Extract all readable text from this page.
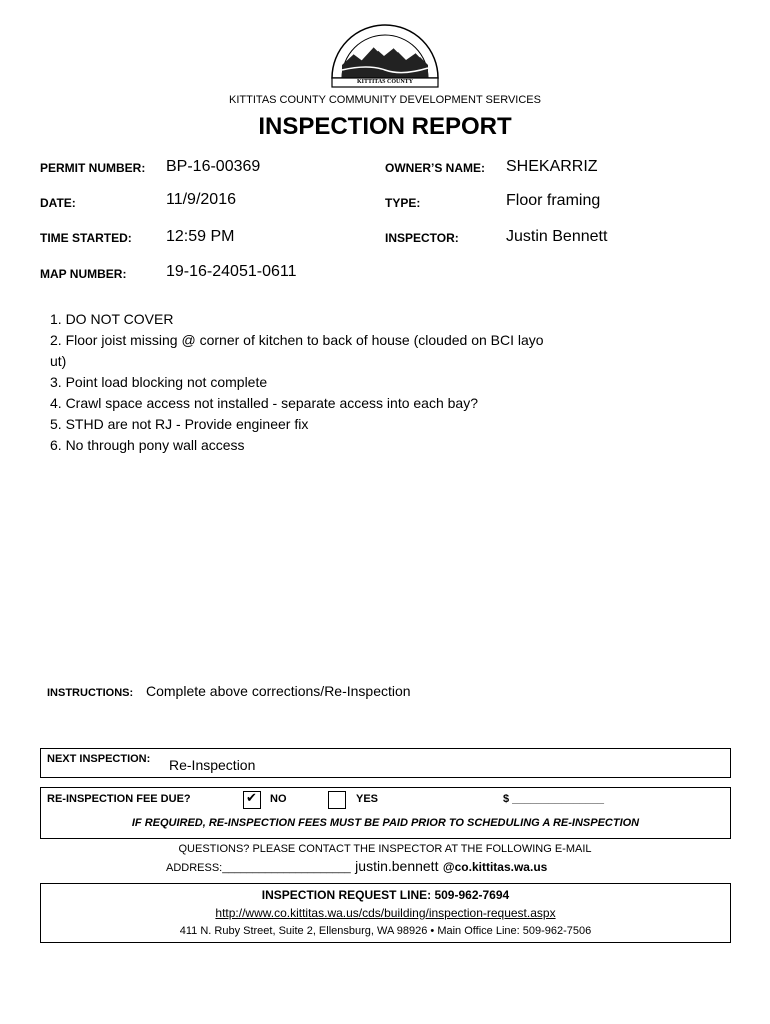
KITTITAS COUNTY
KITTITAS COUNTY COMMUNITY DEVELOPMENT SERVICES
INSPECTION REPORT
PERMIT NUMBER: BP-16-00369	OWNER’S NAME: SHEKARRIZ
DATE:	11/9/2016	TYPE:	Floor framing
TIME STARTED: 12:59 PM	INSPECTOR:	Justin Bennett
MAP NUMBER: 19-16-24051-0611
1. DO NOT COVER
2. Floor joist missing @ corner of kitchen to back of house (clouded on BCI layo
ut)
3. Point load blocking not complete
4. Crawl space access not installed - separate access into each bay?
5. STHD are not RJ - Provide engineer fix
6. No through pony wall access
INSTRUCTIONS: Complete above corrections/Re-Inspection
NEXT INSPECTION: Re-Inspection
RE-INSPECTION FEE DUE?	✔ NO	YES	$ _______________
IF REQUIRED, RE-INSPECTION FEES MUST BE PAID PRIOR TO SCHEDULING A RE-INSPECTION
QUESTIONS? PLEASE CONTACT THE INSPECTOR AT THE FOLLOWING E-MAIL
ADDRESS:_____________________ justin.bennett @co.kittitas.wa.us
INSPECTION REQUEST LINE: 509-962-7694
http://www.co.kittitas.wa.us/cds/building/inspection-request.aspx
411 N. Ruby Street, Suite 2, Ellensburg, WA 98926 • Main Office Line: 509-962-7506
